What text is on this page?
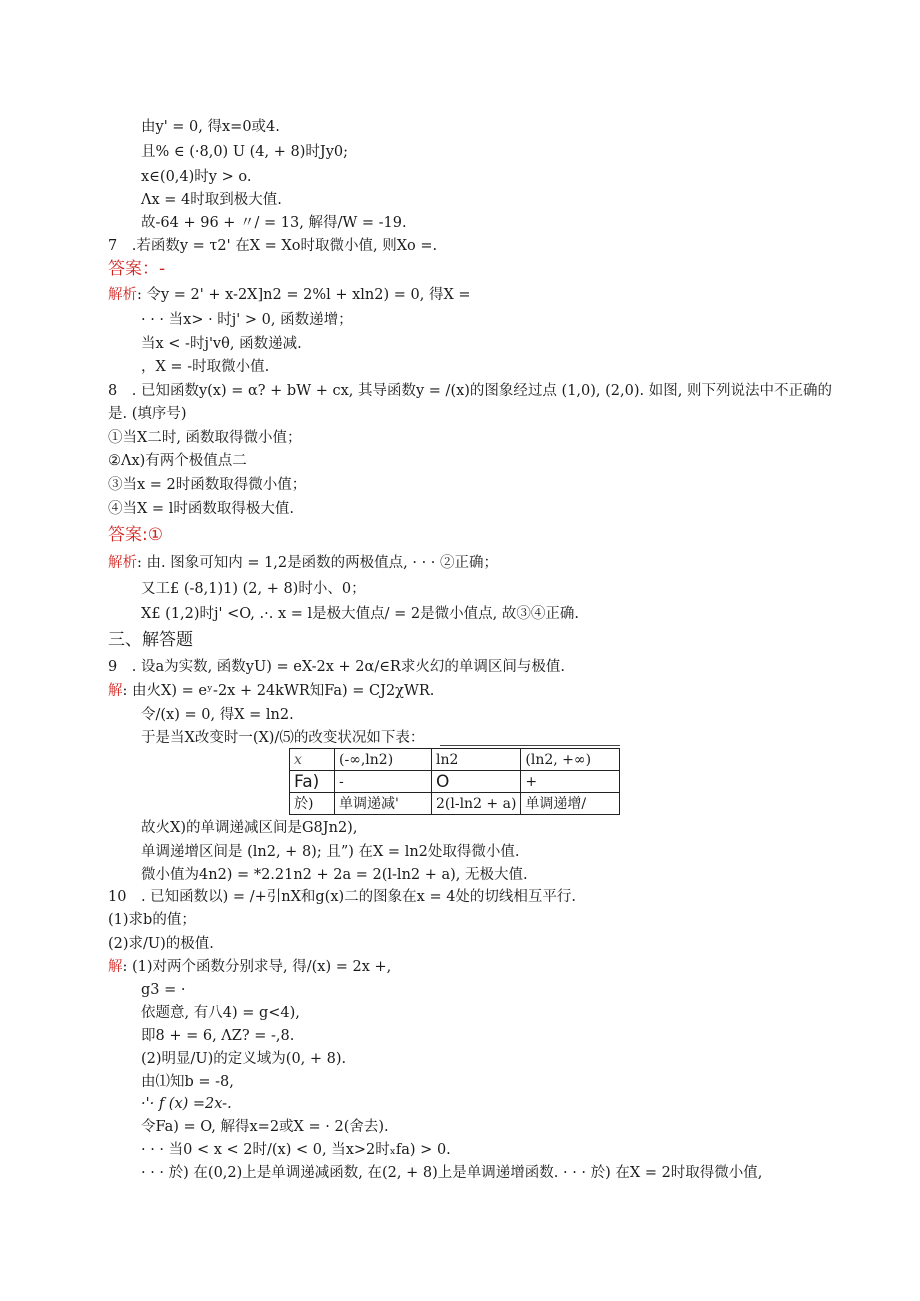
由y' = 0, 得x=0或4.
且% ∈ (·8,0) U (4, + 8)时Jy0;
x∈(0,4)时y > o.
Λx = 4时取到极大值.
故-64 + 96 + 〃/ = 13, 解得/W = -19.
7　.若函数y = τ2' 在X = Xo时取微小值, 则Xo =.
答案：-
解析: 令y = 2' + x-2X]n2 = 2%l + xln2) = 0, 得X =
· · · 当x> · 时j' > 0, 函数递增；
当x < -时j'vθ, 函数递减.
，X = -时取微小值.
8　. 已知函数y(x) = α? + bW + cx, 其导函数y = /(x)的图象经过点 (1,0), (2,0). 如图, 则下列说法中不正确的
是. (填序号)
①当X二时, 函数取得微小值；
②Λx)有两个极值点二
③当x = 2时函数取得微小值；
④当X = l时函数取得极大值.
答案:①
解析: 由. 图象可知内 = 1,2是函数的两极值点, · · · ②正确；
又工£ (-8,1)1) (2, + 8)时小、0；
X£ (1,2)时j' <O, .·. x = l是极大值点/ = 2是微小值点, 故③④正确.
三、解答题
9　. 设a为实数, 函数yU) = eX-2x + 2α∕∈R求火幻的单调区间与极值.
解: 由火X) = eʸ-2x + 24kWR知Fa) = CJ2χWR.
令/(x) = 0, 得X = ln2.
于是当X改变时一(X)/⑸的改变状况如下表：
x	(-∞,ln2)	ln2	(ln2, +∞)
Fa)	-	O	+
於)	单调递减'	2(l-ln2 + a)	单调递增/
故火X)的单调递减区间是G8Jn2),
单调递增区间是 (ln2, + 8); 且”) 在X = ln2处取得微小值.
微小值为4n2) = *2.21n2 + 2a = 2(l-ln2 + a), 无极大值.
10　. 已知函数以) = /+引nX和g(x)二的图象在x = 4处的切线相互平行.
(1)求b的值；
(2)求/U)的极值.
解: (1)对两个函数分别求导, 得/(x) = 2x +,
g3 = ·
依题意, 有八4) = g<4),
即8 + = 6, ΛZ? = -,8.
(2)明显/U)的定义域为(0, + 8).
由⑴知b = -8,
·'· f (x) =2x-.
令Fa) = O, 解得x=2或X = · 2(舍去).
· · · 当0 < x < 2时/(x) < 0, 当x>2时ₓfa) > 0.
· · · 於) 在(0,2)上是单调递减函数, 在(2, + 8)上是单调递增函数. · · · 於) 在X = 2时取得微小值,
